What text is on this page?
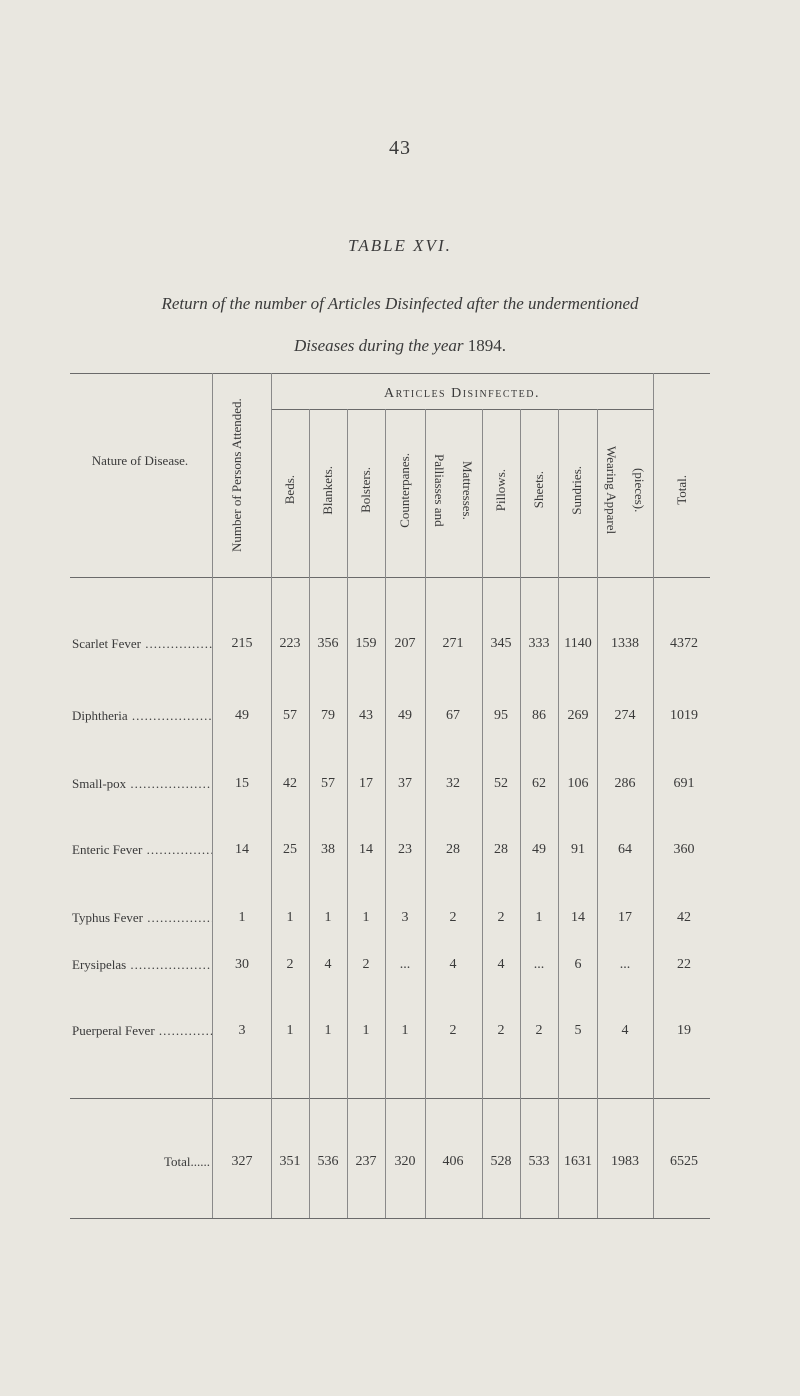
43
TABLE XVI.
Return of the number of Articles Disinfected after the undermentioned
Diseases during the year 1894.
Nature of Disease.
Articles Disinfected.
Number of Persons Attended.	Beds. Blankets. Bolsters. Counterpanes. Palliasses and Mattresses. Pillows. Sheets. Sundries. Wearing Apparel (pieces). Total.
Scarlet Fever .....	215	223	356	159	207	271	345	333	1140	1338	4372
Diphtheria .....	49	57	79	43	49	67	95	86	269	274	1019
Small-pox .....	15	42	57	17	37	32	52	62	106	286	691
Enteric Fever .....	14	25	38	14	23	28	28	49	91	64	360
Typhus Fever .....	1	1	1	1	3	2	2	1	14	17	42
Erysipelas .....	30	2	4	2	...	4	4	...	6	...	22
Puerperal Fever .....	3	1	1	1	1	2	2	2	5	4	19
Total......	327	351	536	237	320	406	528	533	1631	1983	6525
